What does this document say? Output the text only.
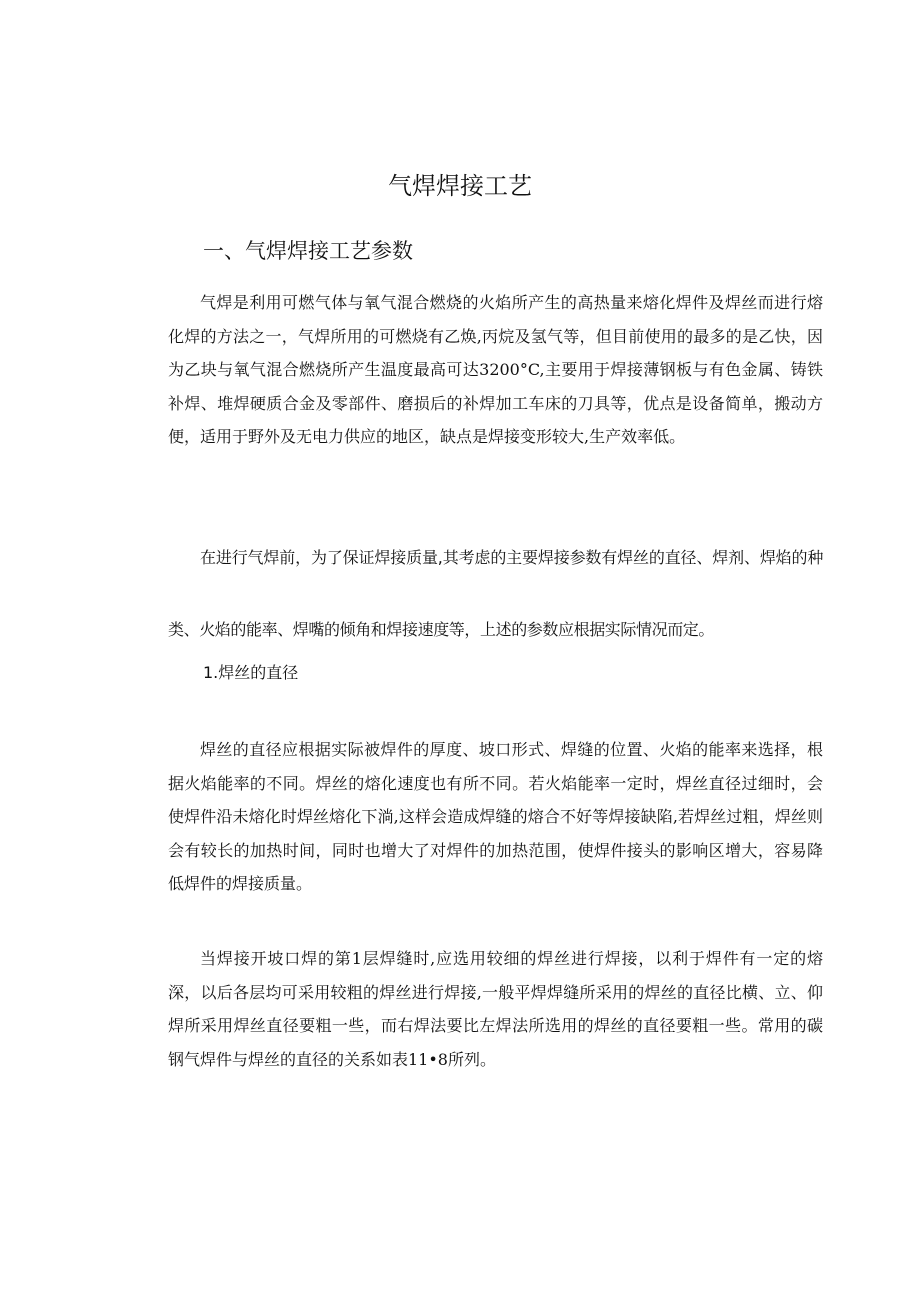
气焊焊接工艺
一、气焊焊接工艺参数

气焊是利用可燃气体与氧气混合燃烧的火焰所产生的高热量来熔化焊件及焊丝而进行熔化焊的方法之一，气焊所用的可燃烧有乙焕,丙烷及氢气等，但目前使用的最多的是乙快，因为乙块与氧气混合燃烧所产生温度最高可达3200°C,主要用于焊接薄钢板与有色金属、铸铁补焊、堆焊硬质合金及零部件、磨损后的补焊加工车床的刀具等，优点是设备简单，搬动方便，适用于野外及无电力供应的地区，缺点是焊接变形较大,生产效率低。

在进行气焊前，为了保证焊接质量,其考虑的主要焊接参数有焊丝的直径、焊剂、焊焰的种类、火焰的能率、焊嘴的倾角和焊接速度等，上述的参数应根据实际情况而定。

1.焊丝的直径

焊丝的直径应根据实际被焊件的厚度、坡口形式、焊缝的位置、火焰的能率来选择，根据火焰能率的不同。焊丝的熔化速度也有所不同。若火焰能率一定时，焊丝直径过细时，会使焊件沿未熔化时焊丝熔化下淌,这样会造成焊缝的熔合不好等焊接缺陷,若焊丝过粗，焊丝则会有较长的加热时间，同时也增大了对焊件的加热范围，使焊件接头的影响区增大，容易降低焊件的焊接质量。

当焊接开坡口焊的第1层焊缝时,应选用较细的焊丝进行焊接，以利于焊件有一定的熔深，以后各层均可采用较粗的焊丝进行焊接,一般平焊焊缝所采用的焊丝的直径比横、立、仰焊所采用焊丝直径要粗一些，而右焊法要比左焊法所选用的焊丝的直径要粗一些。常用的碳钢气焊件与焊丝的直径的关系如表11•8所列。
